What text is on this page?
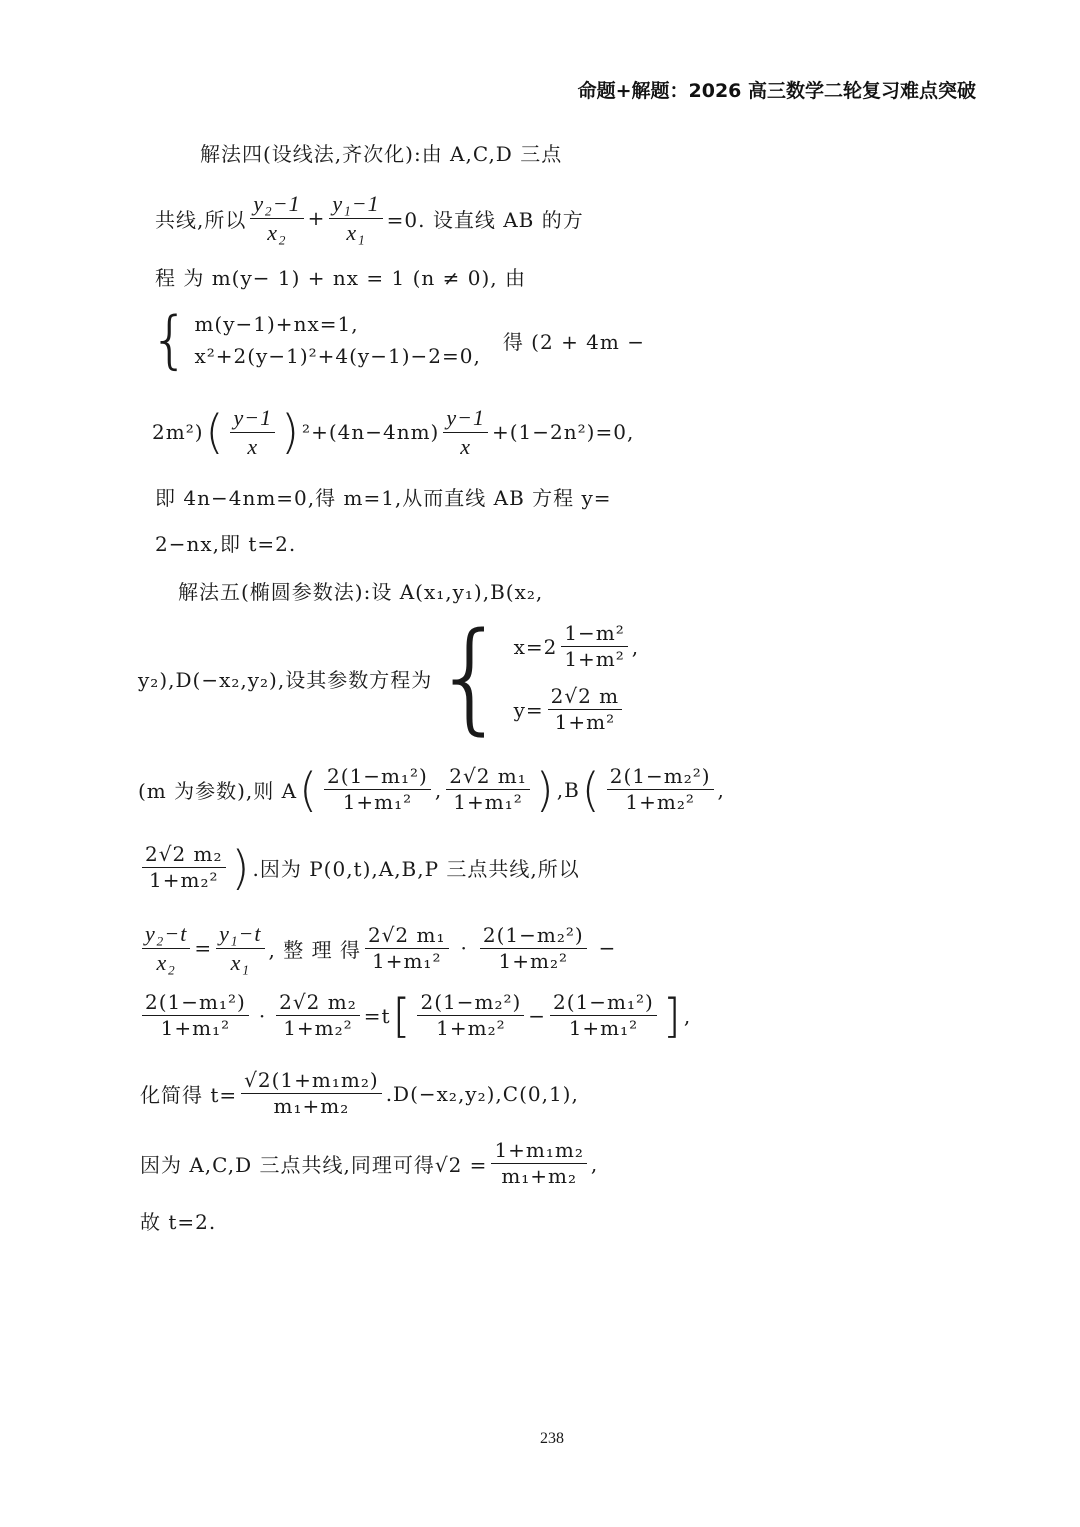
命题+解题：2026 高三数学二轮复习难点突破
解法四(设线法,齐次化):由 A,C,D 三点
共线,所以 $\frac{\text{y₂−1}}{\text{x₂}} + \frac{\text{y₁−1}}{\text{x₁}} =0$. 设直线 AB 的方
程 为 m(y− 1) + nx = 1 (n ≠ 0), 由
{ m(y−1)+nx=1,
x²+2(y−1)²+4(y−1)−2=0,
得 (2 + 4m −
2m²) ( $\frac{y-1}{x}$ ) $^2+(4n-4nm) \frac{y-1}{x} +(1-2n^2)=0$,
即 4n−4nm=0,得 m=1,从而直线 AB 方程 y=
2−nx,即 t=2.
解法五(椭圆参数法):设 A(x₁,y₁),B(x₂,
y₂),D(−x₂,y₂),设其参数方程为 { $x=2 \frac{\text{1−m²}}{\text{1+m²}}$ ,
$y= \frac{2√2 m}{\text{1+m²}}$
(m 为参数),则 A ( $\frac{\text{2(1−m₁²)}}{\text{1+m₁²}}$ , $\frac{\text{2√2 m₁}}{\text{1+m₁²}}$ ) ,B ( $\frac{\text{2(1−m₂²)}}{\text{1+m₂²}}$ ,
$\frac{\text{2√2 m₂}}{\text{1+m₂²}}$ ) .因为 P(0,t),A,B,P 三点共线,所以
$\frac{\text{y₂−t}}{\text{x₂}} = \frac{\text{y₁−t}}{\text{x₁}}$ , 整 理 得 $\frac{\text{2√2 m₁}}{\text{1+m₁²}} \cdot \frac{\text{2(1−m₂²)}}{\text{1+m₂²}}$ −
$\frac{\text{2(1−m₁²)}}{\text{1+m₁²}} \cdot \frac{\text{2√2 m₂}}{\text{1+m₂²}} =t$ [ $\frac{\text{2(1−m₂²)}}{\text{1+m₂²}} - \frac{\text{2(1−m₁²)}}{\text{1+m₁²}}$ ] ,
化简得 $t= \frac{\text{√2(1+m₁m₂)}}{\text{m₁+m₂}} .D(-x_2,y_2),C(0,1)$,
因为 A,C,D 三点共线,同理可得$√2 = \frac{\text{1+m₁m₂}}{\text{m₁+m₂}}$ ,
故 t=2.
238
